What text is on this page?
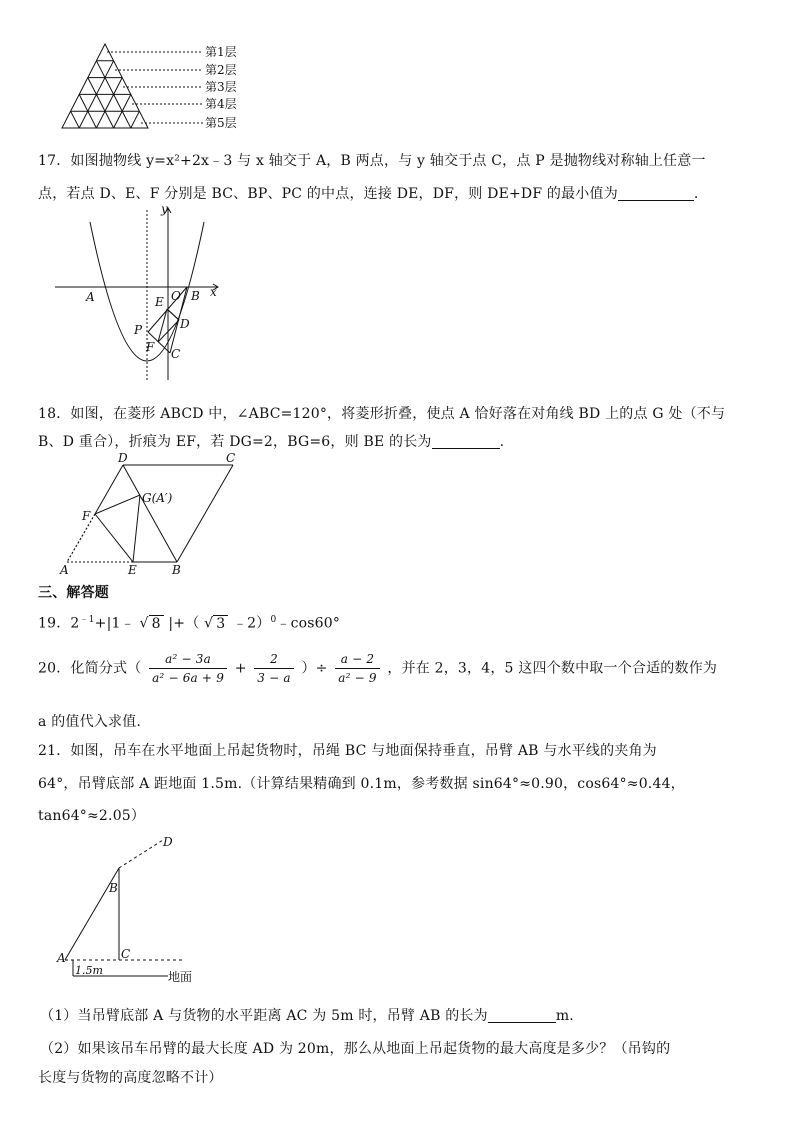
第1层
第2层
第3层
第4层
第5层
17．如图抛物线 y=x²+2x﹣3 与 x 轴交于 A，B 两点，与 y 轴交于点 C，点 P 是抛物线对称轴上任意一
点，若点 D、E、F 分别是 BC、BP、PC 的中点，连接 DE，DF，则 DE+DF 的最小值为	.
A	B
C
D
E
F
O
P
x
y
18．如图，在菱形 ABCD 中，∠ABC=120°，将菱形折叠，使点 A 恰好落在对角线 BD 上的点 G 处（不与
B、D 重合），折痕为 EF，若 DG=2，BG=6，则 BE 的长为	.
D	C
G(A′)
F
A	E	B
三、解答题
19．$2^{﹣1}+|1﹣$ √ 8 |+（ √ 3 ﹣2）$^0$﹣cos60°
20．化简分式（ $\frac{\text{a² − 3a}}{\text{a² − 6a + 9}} + \frac{2}{3 - a}$ ）÷ $\frac{a - 2}{\text{a² − 9}}$ ，并在 2，3，4，5 这四个数中取一个合适的数作为
a 的值代入求值.
21．如图，吊车在水平地面上吊起货物时，吊绳 BC 与地面保持垂直，吊臂 AB 与水平线的夹角为
64°，吊臂底部 A 距地面 1.5m.（计算结果精确到 0.1m，参考数据 sin64°≈0.90，cos64°≈0.44，
tan64°≈2.05）
D
B
A	C
1.5m	地面
（1）当吊臂底部 A 与货物的水平距离 AC 为 5m 时，吊臂 AB 的长为	m.
（2）如果该吊车吊臂的最大长度 AD 为 20m，那么从地面上吊起货物的最大高度是多少？（吊钩的
长度与货物的高度忽略不计）
